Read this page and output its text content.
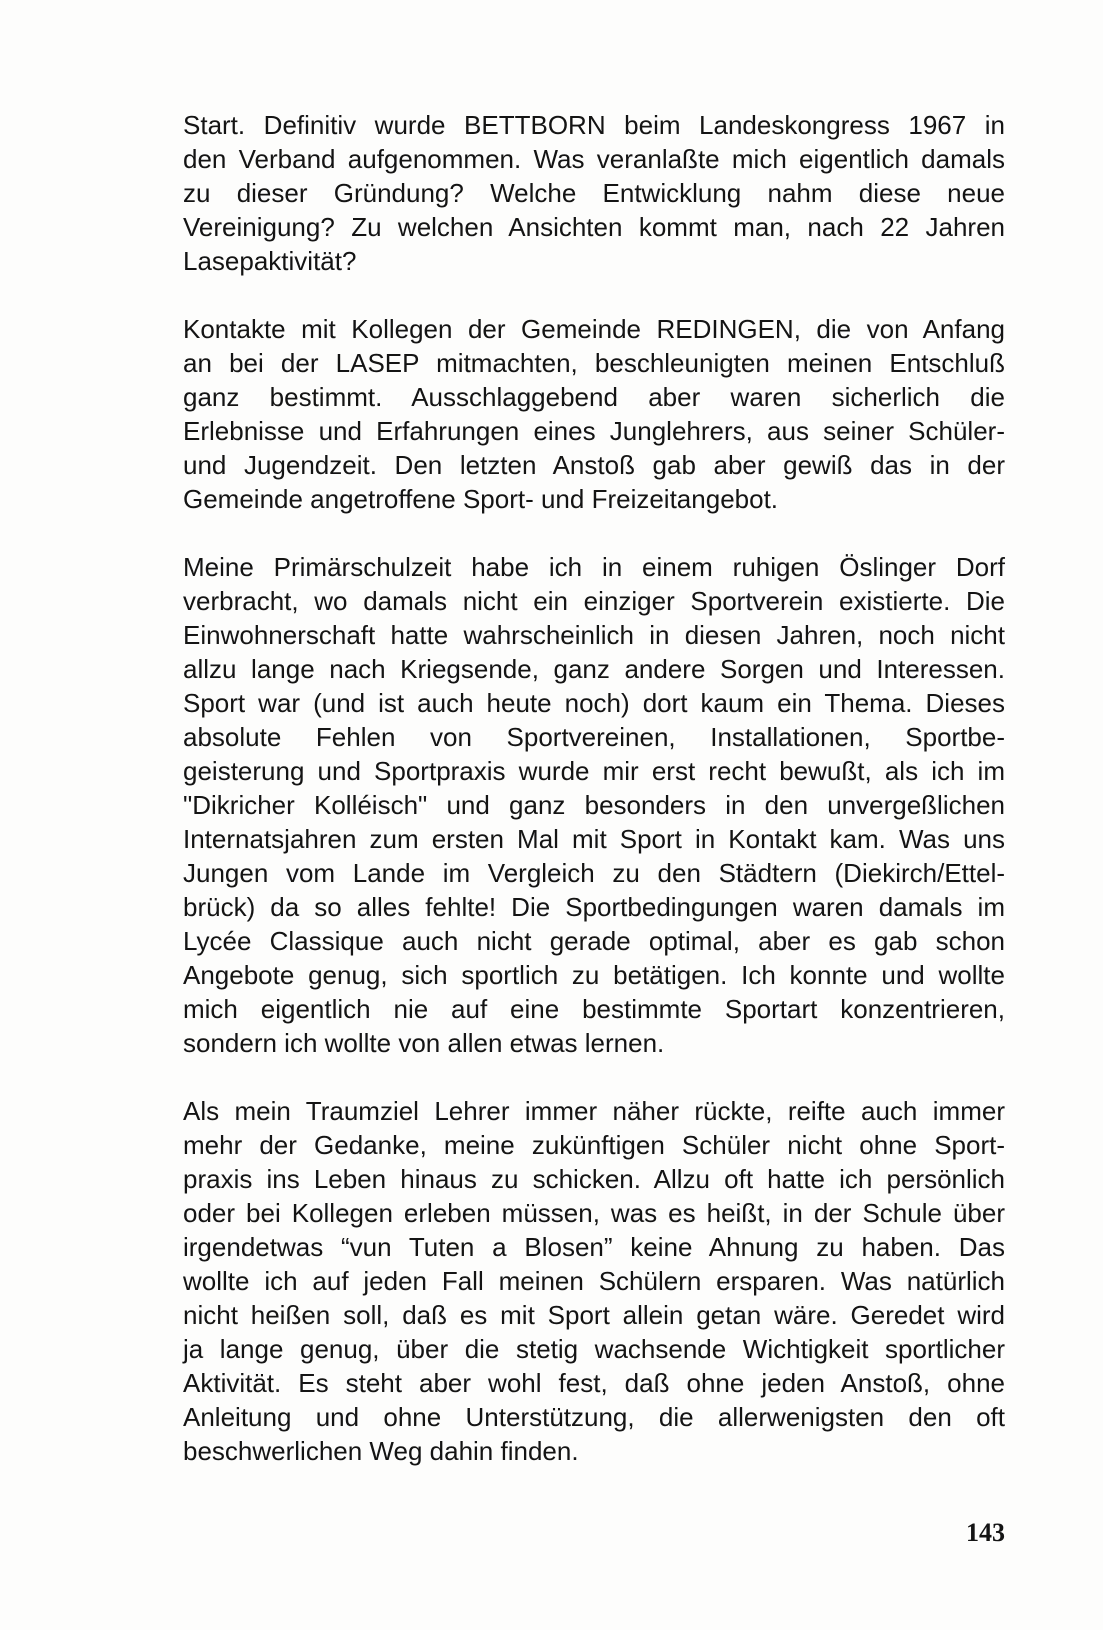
Start. Definitiv wurde BETTBORN beim Landeskongress 1967 in
den Verband aufgenommen. Was veranlaßte mich eigentlich damals
zu dieser Gründung? Welche Entwicklung nahm diese neue
Vereinigung? Zu welchen Ansichten kommt man, nach 22 Jahren
Lasepaktivität?
Kontakte mit Kollegen der Gemeinde REDINGEN, die von Anfang
an bei der LASEP mitmachten, beschleunigten meinen Entschluß
ganz bestimmt. Ausschlaggebend aber waren sicherlich die
Erlebnisse und Erfahrungen eines Junglehrers, aus seiner Schüler-
und Jugendzeit. Den letzten Anstoß gab aber gewiß das in der
Gemeinde angetroffene Sport- und Freizeitangebot.
Meine Primärschulzeit habe ich in einem ruhigen Öslinger Dorf
verbracht, wo damals nicht ein einziger Sportverein existierte. Die
Einwohnerschaft hatte wahrscheinlich in diesen Jahren, noch nicht
allzu lange nach Kriegsende, ganz andere Sorgen und Interessen.
Sport war (und ist auch heute noch) dort kaum ein Thema. Dieses
absolute Fehlen von Sportvereinen, Installationen, Sportbe-
geisterung und Sportpraxis wurde mir erst recht bewußt, als ich im
"Dikricher Kolléisch" und ganz besonders in den unvergeßlichen
Internatsjahren zum ersten Mal mit Sport in Kontakt kam. Was uns
Jungen vom Lande im Vergleich zu den Städtern (Diekirch/Ettel-
brück) da so alles fehlte! Die Sportbedingungen waren damals im
Lycée Classique auch nicht gerade optimal, aber es gab schon
Angebote genug, sich sportlich zu betätigen. Ich konnte und wollte
mich eigentlich nie auf eine bestimmte Sportart konzentrieren,
sondern ich wollte von allen etwas lernen.
Als mein Traumziel Lehrer immer näher rückte, reifte auch immer
mehr der Gedanke, meine zukünftigen Schüler nicht ohne Sport-
praxis ins Leben hinaus zu schicken. Allzu oft hatte ich persönlich
oder bei Kollegen erleben müssen, was es heißt, in der Schule über
irgendetwas “vun Tuten a Blosen” keine Ahnung zu haben. Das
wollte ich auf jeden Fall meinen Schülern ersparen. Was natürlich
nicht heißen soll, daß es mit Sport allein getan wäre. Geredet wird
ja lange genug, über die stetig wachsende Wichtigkeit sportlicher
Aktivität. Es steht aber wohl fest, daß ohne jeden Anstoß, ohne
Anleitung und ohne Unterstützung, die allerwenigsten den oft
beschwerlichen Weg dahin finden.
143
